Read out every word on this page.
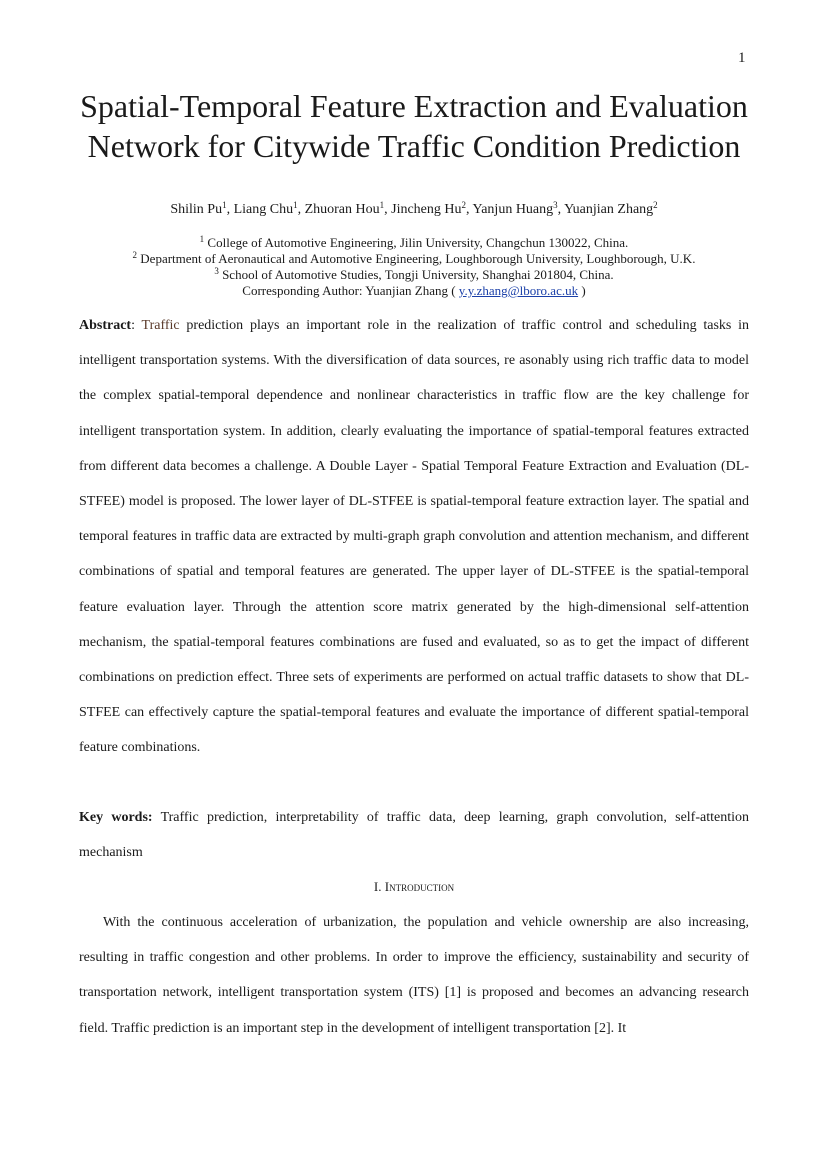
1
Spatial-Temporal Feature Extraction and Evaluation Network for Citywide Traffic Condition Prediction
Shilin Pu$^1$, Liang Chu$^1$, Zhuoran Hou$^1$, Jincheng Hu$^2$, Yanjun Huang$^3$, Yuanjian Zhang$^2$
$^1$ College of Automotive Engineering, Jilin University, Changchun 130022, China.
$^2$ Department of Aeronautical and Automotive Engineering, Loughborough University, Loughborough, U.K.
$^3$ School of Automotive Studies, Tongji University, Shanghai 201804, China.
Corresponding Author: Yuanjian Zhang ( y.y.zhang@lboro.ac.uk )

Abstract: Traffic prediction plays an important role in the realization of traffic control and scheduling tasks in intelligent transportation systems. With the diversification of data sources, re asonably using rich traffic data to model the complex spatial-temporal dependence and nonlinear characteristics in traffic flow are the key challenge for intelligent transportation system. In addition, clearly evaluating the importance of spatial-temporal features extracted from different data becomes a challenge. A Double Layer - Spatial Temporal Feature Extraction and Evaluation (DL-STFEE) model is proposed. The lower layer of DL-STFEE is spatial-temporal feature extraction layer. The spatial and temporal features in traffic data are extracted by multi-graph graph convolution and attention mechanism, and different combinations of spatial and temporal features are generated. The upper layer of DL-STFEE is the spatial-temporal feature evaluation layer. Through the attention score matrix generated by the high-dimensional self-attention mechanism, the spatial-temporal features combinations are fused and evaluated, so as to get the impact of different combinations on prediction effect. Three sets of experiments are performed on actual traffic datasets to show that DL-STFEE can effectively capture the spatial-temporal features and evaluate the importance of different spatial-temporal feature combinations.

Key words: Traffic prediction, interpretability of traffic data, deep learning, graph convolution, self-attention mechanism

I. Introduction

With the continuous acceleration of urbanization, the population and vehicle ownership are also increasing, resulting in traffic congestion and other problems. In order to improve the efficiency, sustainability and security of transportation network, intelligent transportation system (ITS) [1] is proposed and becomes an advancing research field. Traffic prediction is an important step in the development of intelligent transportation [2]. It
